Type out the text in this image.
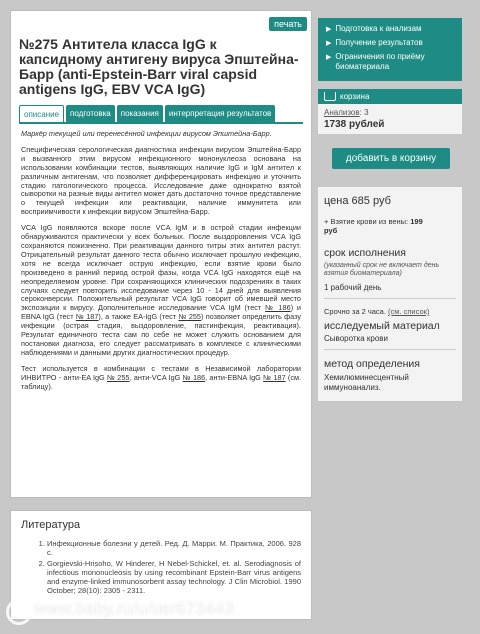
печать
№275 Антитела класса IgG к капсидному антигену вируса Эпштейна-Барр (anti-Epstein-Barr viral capsid antigens IgG, EBV VCA IgG)
описание	подготовка	показания	интерпретация результатов

Маркёр текущей или перенесённой инфекции вирусом Эпштейна-Барр.

Специфическая серологическая диагностика инфекции вирусом Эпштейна-Барр и вызванного этим вирусом инфекционного мононуклеоза основана на использовании комбинации тестов, выявляющих наличие IgG и IgM антител к различным антигенам, что позволяет дифференцировать инфекцию и уточнить стадию патологического процесса. Исследование даже однократно взятой сыворотки на разные виды антител может дать достаточно точное представление о текущей инфекции или реактивации, наличие иммунитета или восприимчивости к инфекции вирусом Эпштейна-Барр.

VCA IgG появляются вскоре после VCA IgM и в острой стадии инфекции обнаруживаются практически у всех больных. После выздоровления VCA IgG сохраняются пожизненно. При реактивации данного титры этих антител растут. Отрицательный результат данного теста обычно исключает прошлую инфекцию, хотя не всегда исключает острую инфекцию, если взятие крови было произведено в ранний период острой фазы, когда VCA IgG находятся ещё на неопределяемом уровне. При сохраняющихся клинических подозрениях в таких случаях следует повторить исследование через 10 - 14 дней для выявления сероконверсии. Положительный результат VCA IgG говорит об имевшей место экспозиции к вирусу. Дополнительное исследование VCA IgM (тест № 186) и EBNA IgG (тест № 187), а также EA-IgG (тест № 255) позволяет определить фазу инфекции (острая стадия, выздоровление, пастинфекция, реактивация). Результат единичного теста сам по себе не может служить основанием для постановки диагноза, его следует рассматривать в комплексе с клиническими наблюдениями и данными других диагностических процедур.

Тест используется в комбинации с тестами в Независимой лаборатории ИНВИТРО - анти-EA IgG № 255, анти-VCA IgG № 186, анти-EBNA IgG № 187 (см. таблицу).

Литература
1. Инфекционные болезни у детей. Ред. Д. Марри. М. Практика, 2006. 928 с.
2. Gorgievski-Hrisoho, W Hinderer, H Nebel-Schickel, et. al. Serodiagnosis of infectious mononucleosis by using recombinant Epstein-Barr virus antigens and enzyme-linked immunosorbent assay technology. J Clin Microbiol. 1990 October; 28(10): 2305 - 2311.
▶ Подготовка к анализам
▶ Получение результатов
▶ Ограничения по приёму биоматериала
корзина
Анализов: 3
1738 рублей
добавить в корзину
цена 685 руб
+ Взятие крови из вены: 199
руб
срок исполнения
(указанный срок не включает день взятия биоматериала)
1 рабочий день
Срочно за 2 часа. (см. список)
исследуемый материал
Сыворотка крови
метод определения
Хемилюминесцентный иммуноанализ.
www.baby.ru/u/usr673443
